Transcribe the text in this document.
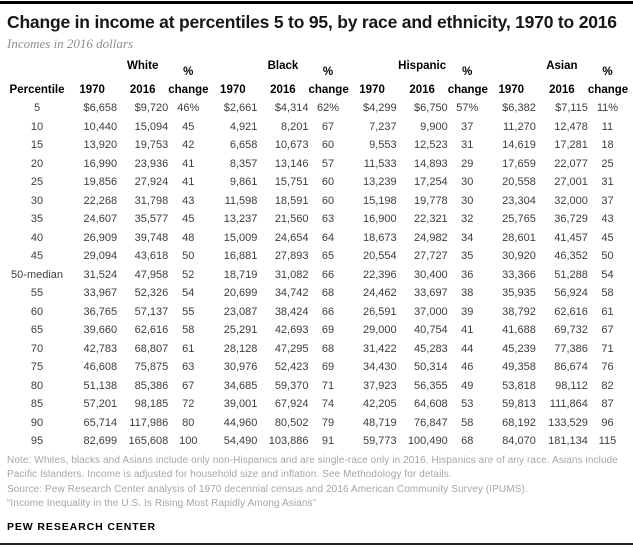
Change in income at percentiles 5 to 95, by race and ethnicity, 1970 to 2016

Incomes in 2016 dollars

		White	%		Black	%		Hispanic	%		Asian	%
Percentile	1970	2016	change	1970	2016	change	1970	2016	change	1970	2016	change
5	$6,658	$9,720	46%	$2,661	$4,314	62%	$4,299	$6,750	57%	$6,382	$7,115	11%
10	10,440	15,094	45	4,921	8,201	67	7,237	9,900	37	11,270	12,478	11
15	13,920	19,753	42	6,658	10,673	60	9,553	12,523	31	14,619	17,281	18
20	16,990	23,936	41	8,357	13,146	57	11,533	14,893	29	17,659	22,077	25
25	19,856	27,924	41	9,861	15,751	60	13,239	17,254	30	20,558	27,001	31
30	22,268	31,798	43	11,598	18,591	60	15,198	19,778	30	23,304	32,000	37
35	24,607	35,577	45	13,237	21,560	63	16,900	22,321	32	25,765	36,729	43
40	26,909	39,748	48	15,009	24,654	64	18,673	24,982	34	28,601	41,457	45
45	29,094	43,618	50	16,881	27,893	65	20,554	27,727	35	30,920	46,352	50
50-median	31,524	47,958	52	18,719	31,082	66	22,396	30,400	36	33,366	51,288	54
55	33,967	52,326	54	20,699	34,742	68	24,462	33,697	38	35,935	56,924	58
60	36,765	57,137	55	23,087	38,424	66	26,591	37,000	39	38,792	62,616	61
65	39,660	62,616	58	25,291	42,693	69	29,000	40,754	41	41,688	69,732	67
70	42,783	68,807	61	28,128	47,295	68	31,422	45,283	44	45,239	77,386	71
75	46,608	75,875	63	30,976	52,423	69	34,430	50,314	46	49,358	86,674	76
80	51,138	85,386	67	34,685	59,370	71	37,923	56,355	49	53,818	98,112	82
85	57,201	98,185	72	39,001	67,924	74	42,205	64,608	53	59,813	111,864	87
90	65,714	117,986	80	44,960	80,502	79	48,719	76,847	58	68,192	133,529	96
95	82,699	165,608	100	54,490	103,886	91	59,773	100,490	68	84,070	181,134	115

Note: Whites, blacks and Asians include only non-Hispanics and are single-race only in 2016. Hispanics are of any race. Asians include Pacific Islanders. Income is adjusted for household size and inflation. See Methodology for details.

Source: Pew Research Center analysis of 1970 decennial census and 2016 American Community Survey (IPUMS).

“Income Inequality in the U.S. Is Rising Most Rapidly Among Asians”

PEW RESEARCH CENTER
